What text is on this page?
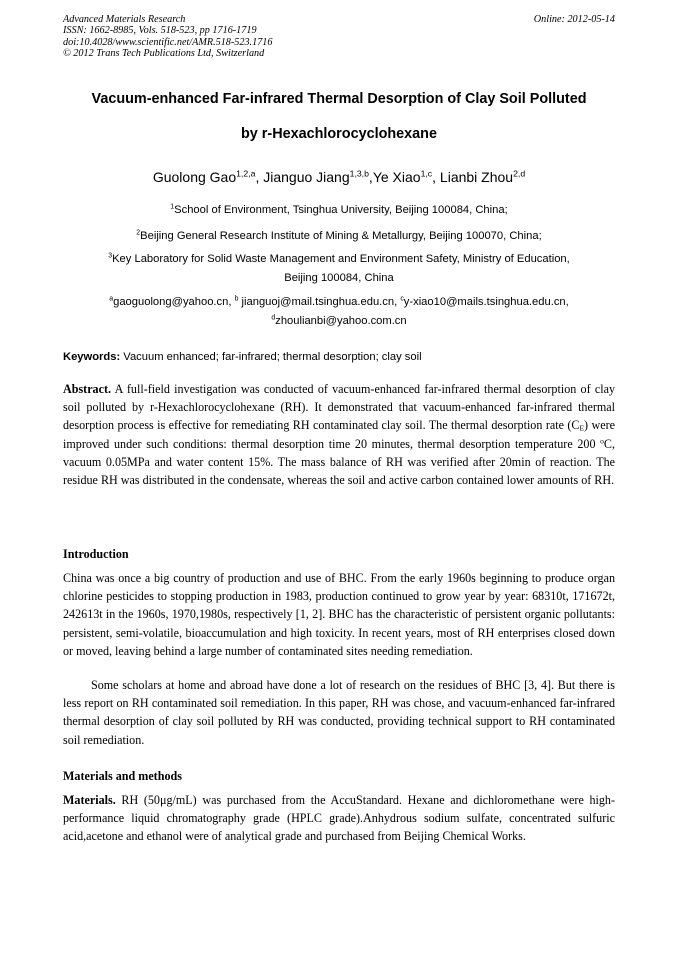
Advanced Materials Research
ISSN: 1662-8985, Vols. 518-523, pp 1716-1719
doi:10.4028/www.scientific.net/AMR.518-523.1716
© 2012 Trans Tech Publications Ltd, Switzerland
Online: 2012-05-14
Vacuum-enhanced Far-infrared Thermal Desorption of Clay Soil Polluted
by r-Hexachlorocyclohexane
Guolong Gao$^{1,2,a}$, Jianguo Jiang$^{1,3,b}$,Ye Xiao$^{1,c}$, Lianbi Zhou$^{2,d}$
$^1$School of Environment, Tsinghua University, Beijing 100084, China;
$^2$Beijing General Research Institute of Mining & Metallurgy, Beijing 100070, China;
$^3$Key Laboratory for Solid Waste Management and Environment Safety, Ministry of Education,
Beijing 100084, China
$^a$gaoguolong@yahoo.cn, $^b$ jianguoj@mail.tsinghua.edu.cn, $^c$y-xiao10@mails.tsinghua.edu.cn,
$^d$zhoulianbi@yahoo.com.cn
Keywords: Vacuum enhanced; far-infrared; thermal desorption; clay soil
Abstract. A full-field investigation was conducted of vacuum-enhanced far-infrared thermal desorption of clay soil polluted by r-Hexachlorocyclohexane (RH). It demonstrated that vacuum-enhanced far-infrared thermal desorption process is effective for remediating RH contaminated clay soil. The thermal desorption rate $(C_E)$ were improved under such conditions: thermal desorption time 20 minutes, thermal desorption temperature 200 $^o$C, vacuum 0.05MPa and water content 15%. The mass balance of RH was verified after 20min of reaction. The residue RH was distributed in the condensate, whereas the soil and active carbon contained lower amounts of RH.
Introduction
China was once a big country of production and use of BHC. From the early 1960s beginning to produce organ chlorine pesticides to stopping production in 1983, production continued to grow year by year: 68310t, 171672t, 242613t in the 1960s, 1970,1980s, respectively [1, 2]. BHC has the characteristic of persistent organic pollutants: persistent, semi-volatile, bioaccumulation and high toxicity. In recent years, most of RH enterprises closed down or moved, leaving behind a large number of contaminated sites needing remediation.
Some scholars at home and abroad have done a lot of research on the residues of BHC [3, 4]. But there is less report on RH contaminated soil remediation. In this paper, RH was chose, and vacuum-enhanced far-infrared thermal desorption of clay soil polluted by RH was conducted, providing technical support to RH contaminated soil remediation.
Materials and methods
Materials. RH (50μg/mL) was purchased from the AccuStandard. Hexane and dichloromethane were high-performance liquid chromatography grade (HPLC grade).Anhydrous sodium sulfate, concentrated sulfuric acid,acetone and ethanol were of analytical grade and purchased from Beijing Chemical Works.
